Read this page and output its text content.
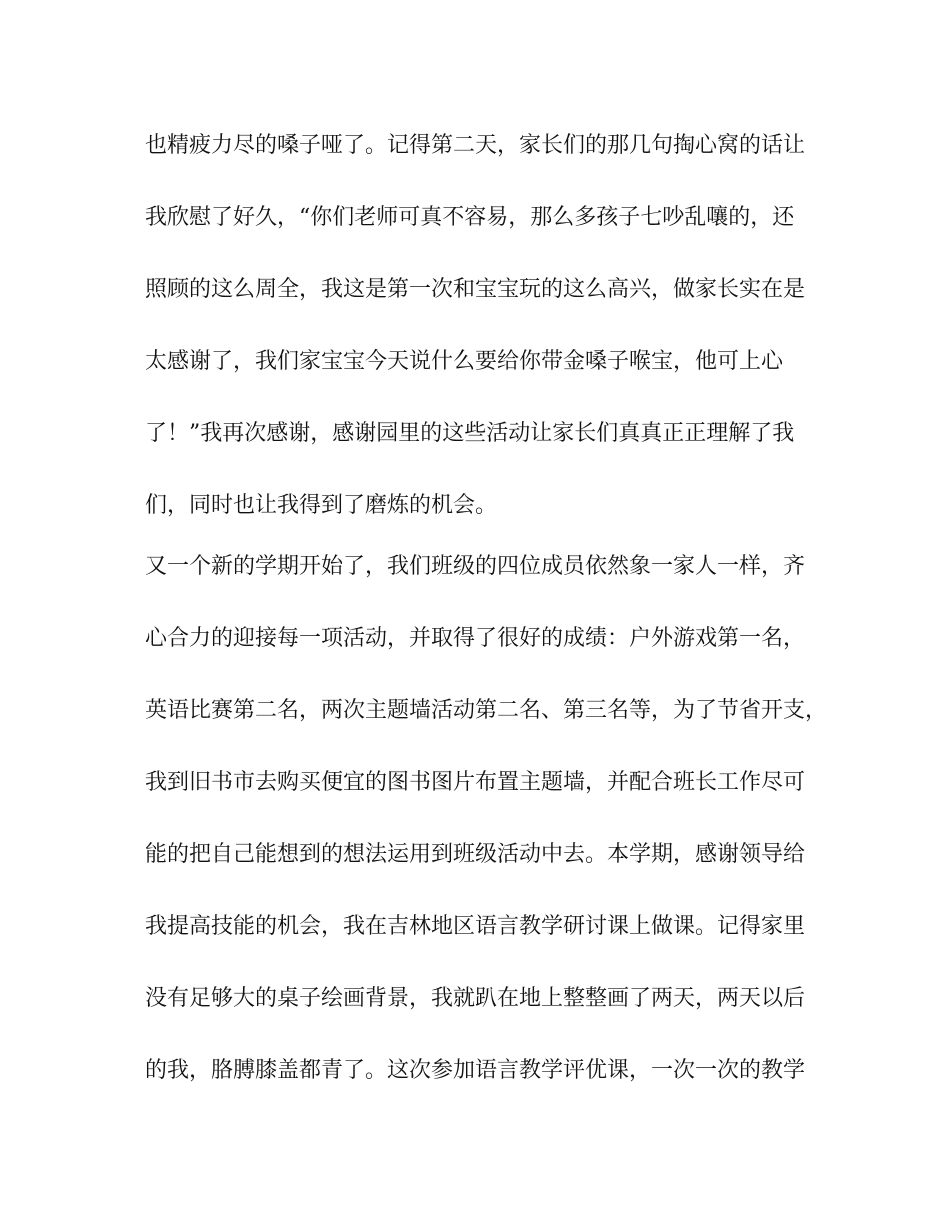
也精疲力尽的嗓子哑了。记得第二天，家长们的那几句掏心窝的话让

我欣慰了好久，“你们老师可真不容易，那么多孩子七吵乱嚷的，还

照顾的这么周全，我这是第一次和宝宝玩的这么高兴，做家长实在是

太感谢了，我们家宝宝今天说什么要给你带金嗓子喉宝，他可上心

了！”我再次感谢，感谢园里的这些活动让家长们真真正正理解了我

们，同时也让我得到了磨炼的机会。

又一个新的学期开始了，我们班级的四位成员依然象一家人一样，齐

心合力的迎接每一项活动，并取得了很好的成绩：户外游戏第一名，

英语比赛第二名，两次主题墙活动第二名、第三名等，为了节省开支，

我到旧书市去购买便宜的图书图片布置主题墙，并配合班长工作尽可

能的把自己能想到的想法运用到班级活动中去。本学期，感谢领导给

我提高技能的机会，我在吉林地区语言教学研讨课上做课。记得家里

没有足够大的桌子绘画背景，我就趴在地上整整画了两天，两天以后

的我，胳膊膝盖都青了。这次参加语言教学评优课，一次一次的教学
